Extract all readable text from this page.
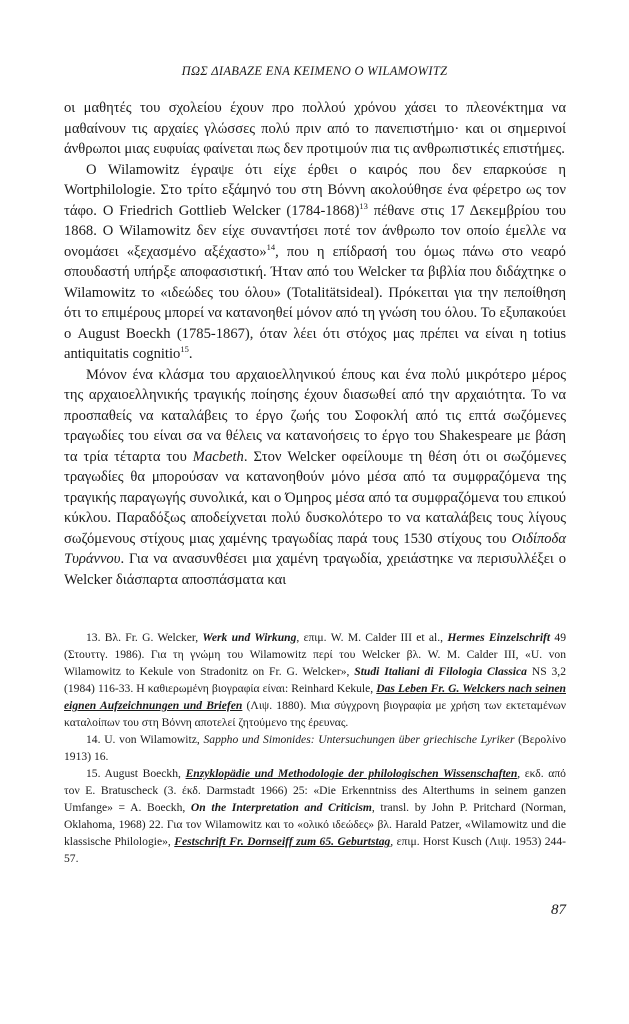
ΠΩΣ ΔΙΑΒΑΖΕ ΕΝΑ ΚΕΙΜΕΝΟ Ο WILAMOWITZ

οι μαθητές του σχολείου έχουν προ πολλού χρόνου χάσει το πλεονέκτημα να μαθαίνουν τις αρχαίες γλώσσες πολύ πριν από το πανεπιστήμιο· και οι σημερινοί άνθρωποι μιας ευφυίας φαίνεται πως δεν προτιμούν πια τις ανθρωπιστικές επιστήμες.

Ο Wilamowitz έγραψε ότι είχε έρθει ο καιρός που δεν επαρκούσε η Wortphilologie. Στο τρίτο εξάμηνό του στη Βόννη ακολούθησε ένα φέρετρο ως τον τάφο. Ο Friedrich Gottlieb Welcker (1784-1868)$^{13}$ πέθανε στις 17 Δεκεμβρίου του 1868. Ο Wilamowitz δεν είχε συναντήσει ποτέ τον άνθρωπο τον οποίο έμελλε να ονομάσει «ξεχασμένο αξέχαστο»$^{14}$, που η επίδρασή του όμως πάνω στο νεαρό σπουδαστή υπήρξε αποφασιστική. Ήταν από του Welcker τα βιβλία που διδάχτηκε ο Wilamowitz το «ιδεώδες του όλου» (Totalitätsideal). Πρόκειται για την πεποίθηση ότι το επιμέρους μπορεί να κατανοηθεί μόνον από τη γνώση του όλου. Το εξυπακούει ο August Boeckh (1785-1867), όταν λέει ότι στόχος μας πρέπει να είναι η totius antiquitatis cognitio$^{15}$.

Μόνον ένα κλάσμα του αρχαιοελληνικού έπους και ένα πολύ μικρότερο μέρος της αρχαιοελληνικής τραγικής ποίησης έχουν διασωθεί από την αρχαιότητα. Το να προσπαθείς να καταλάβεις το έργο ζωής του Σοφοκλή από τις επτά σωζόμενες τραγωδίες του είναι σα να θέλεις να κατανοήσεις το έργο του Shakespeare με βάση τα τρία τέταρτα του Macbeth. Στον Welcker οφείλουμε τη θέση ότι οι σωζόμενες τραγωδίες θα μπορούσαν να κατανοηθούν μόνο μέσα από τα συμφραζόμενα της τραγικής παραγωγής συνολικά, και ο Όμηρος μέσα από τα συμφραζόμενα του επικού κύκλου. Παραδόξως αποδείχνεται πολύ δυσκολότερο το να καταλάβεις τους λίγους σωζόμενους στίχους μιας χαμένης τραγωδίας παρά τους 1530 στίχους του Οιδίποδα Τυράννου. Για να ανασυνθέσει μια χαμένη τραγωδία, χρειάστηκε να περισυλλέξει ο Welcker διάσπαρτα αποσπάσματα και

13. Βλ. Fr. G. Welcker, Werk und Wirkung, επιμ. W. M. Calder III et al., Hermes Einzelschrift 49 (Στουττγ. 1986). Για τη γνώμη του Wilamowitz περί του Welcker βλ. W. M. Calder III, «U. von Wilamowitz to Kekule von Stradonitz on Fr. G. Welcker», Studi Italiani di Filologia Classica NS 3,2 (1984) 116-33. Η καθιερωμένη βιογραφία είναι: Reinhard Kekule, Das Leben Fr. G. Welckers nach seinen eignen Aufzeichnungen und Briefen (Λιψ. 1880). Μια σύγχρονη βιογραφία με χρήση των εκτεταμένων καταλοίπων του στη Βόννη αποτελεί ζητούμενο της έρευνας.

14. U. von Wilamowitz, Sappho und Simonides: Untersuchungen über griechische Lyriker (Βερολίνο 1913) 16.

15. August Boeckh, Enzyklopädie und Methodologie der philologischen Wissenschaften, εκδ. από τον E. Bratuscheck (3. έκδ. Darmstadt 1966) 25: «Die Erkenntniss des Alterthums in seinem ganzen Umfange» = A. Boeckh, On the Interpretation and Criticism, transl. by John P. Pritchard (Norman, Oklahoma, 1968) 22. Για τον Wilamowitz και το «ολικό ιδεώδες» βλ. Harald Patzer, «Wilamowitz und die klassische Philologie», Festschrift Fr. Dornseiff zum 65. Geburtstag, επιμ. Horst Kusch (Λιψ. 1953) 244-57.

87
